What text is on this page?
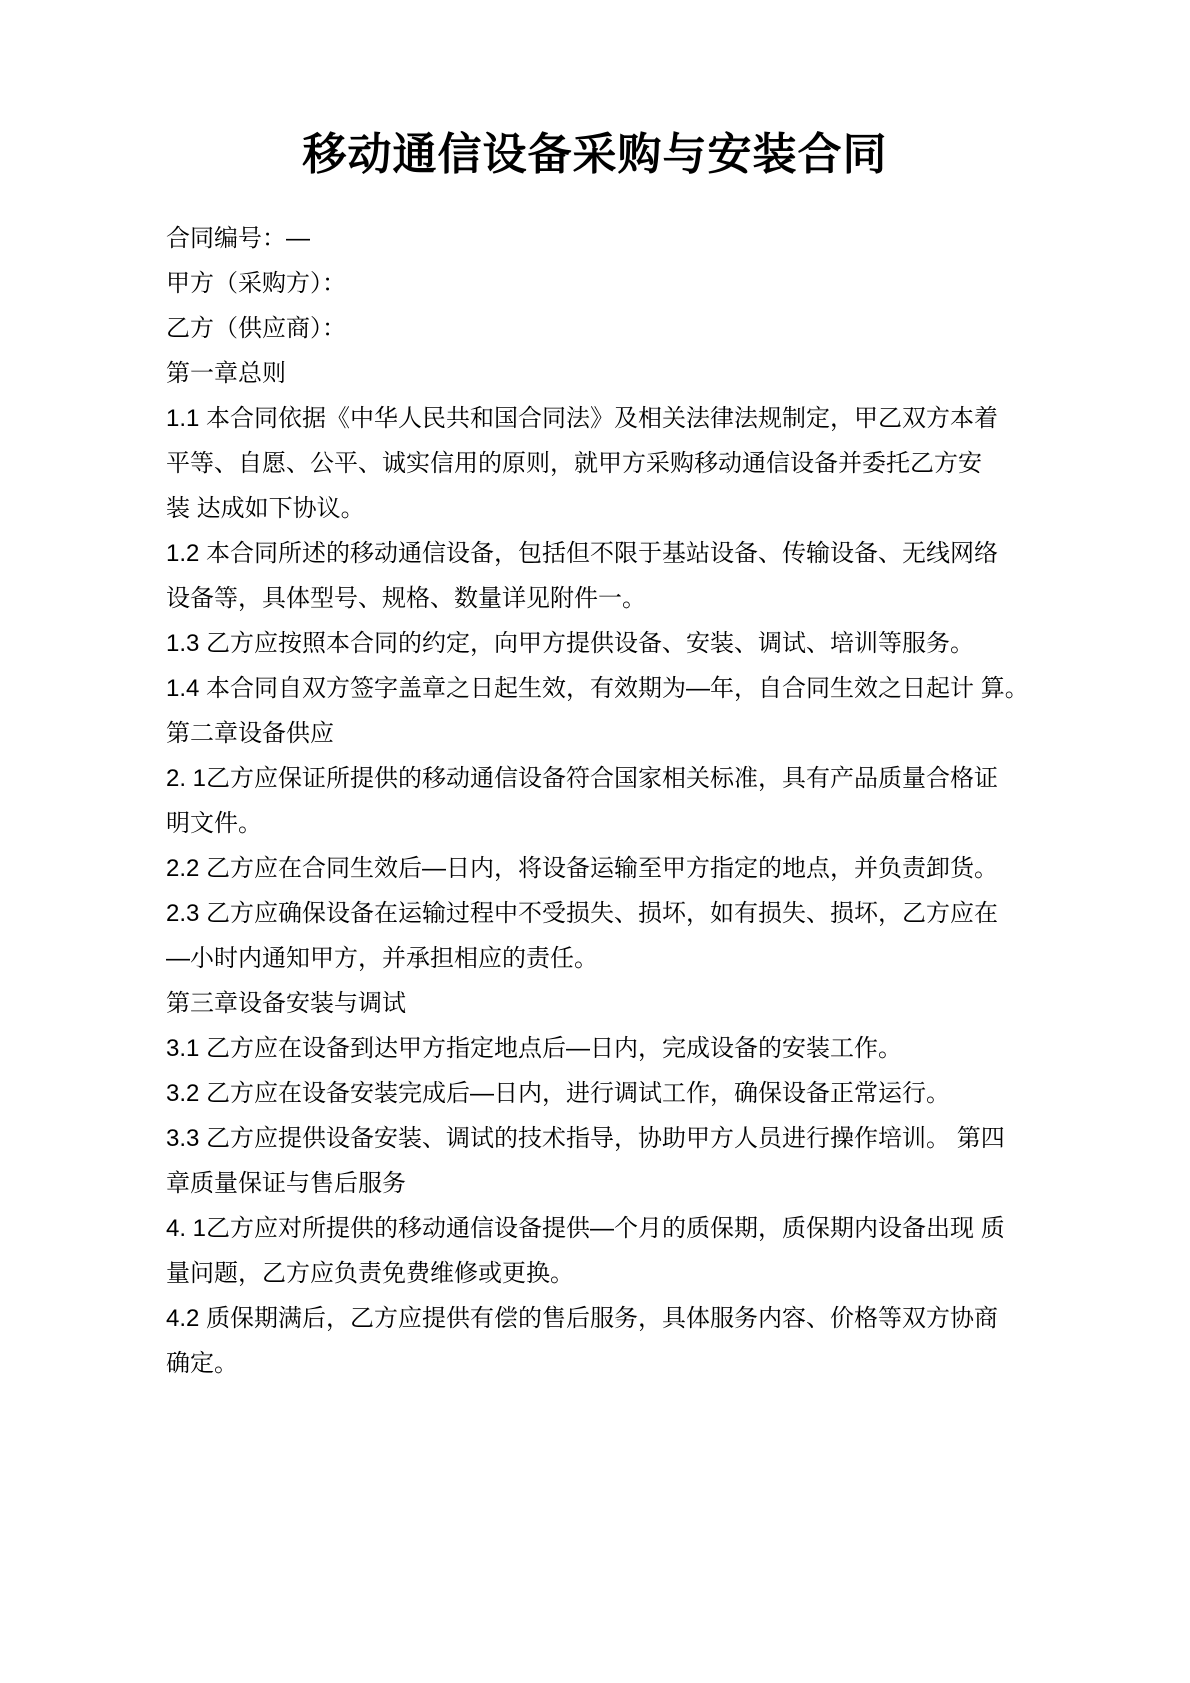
移动通信设备采购与安装合同
合同编号：—
甲方（采购方）：
乙方（供应商）：
第一章总则
1.1 本合同依据《中华人民共和国合同法》及相关法律法规制定，甲乙双方本着
平等、自愿、公平、诚实信用的原则，就甲方采购移动通信设备并委托乙方安
装 达成如下协议。
1.2 本合同所述的移动通信设备，包括但不限于基站设备、传输设备、无线网络
设备等，具体型号、规格、数量详见附件一。
1.3 乙方应按照本合同的约定，向甲方提供设备、安装、调试、培训等服务。
1.4 本合同自双方签字盖章之日起生效，有效期为—年，自合同生效之日起计 算。
第二章设备供应
2. 1乙方应保证所提供的移动通信设备符合国家相关标准，具有产品质量合格证
明文件。
2.2 乙方应在合同生效后—日内，将设备运输至甲方指定的地点，并负责卸货。
2.3 乙方应确保设备在运输过程中不受损失、损坏，如有损失、损坏，乙方应在
—小时内通知甲方，并承担相应的责任。
第三章设备安装与调试
3.1 乙方应在设备到达甲方指定地点后—日内，完成设备的安装工作。
3.2 乙方应在设备安装完成后—日内，进行调试工作，确保设备正常运行。
3.3 乙方应提供设备安装、调试的技术指导，协助甲方人员进行操作培训。 第四
章质量保证与售后服务
4. 1乙方应对所提供的移动通信设备提供—个月的质保期，质保期内设备出现 质
量问题，乙方应负责免费维修或更换。
4.2 质保期满后，乙方应提供有偿的售后服务，具体服务内容、价格等双方协商
确定。
